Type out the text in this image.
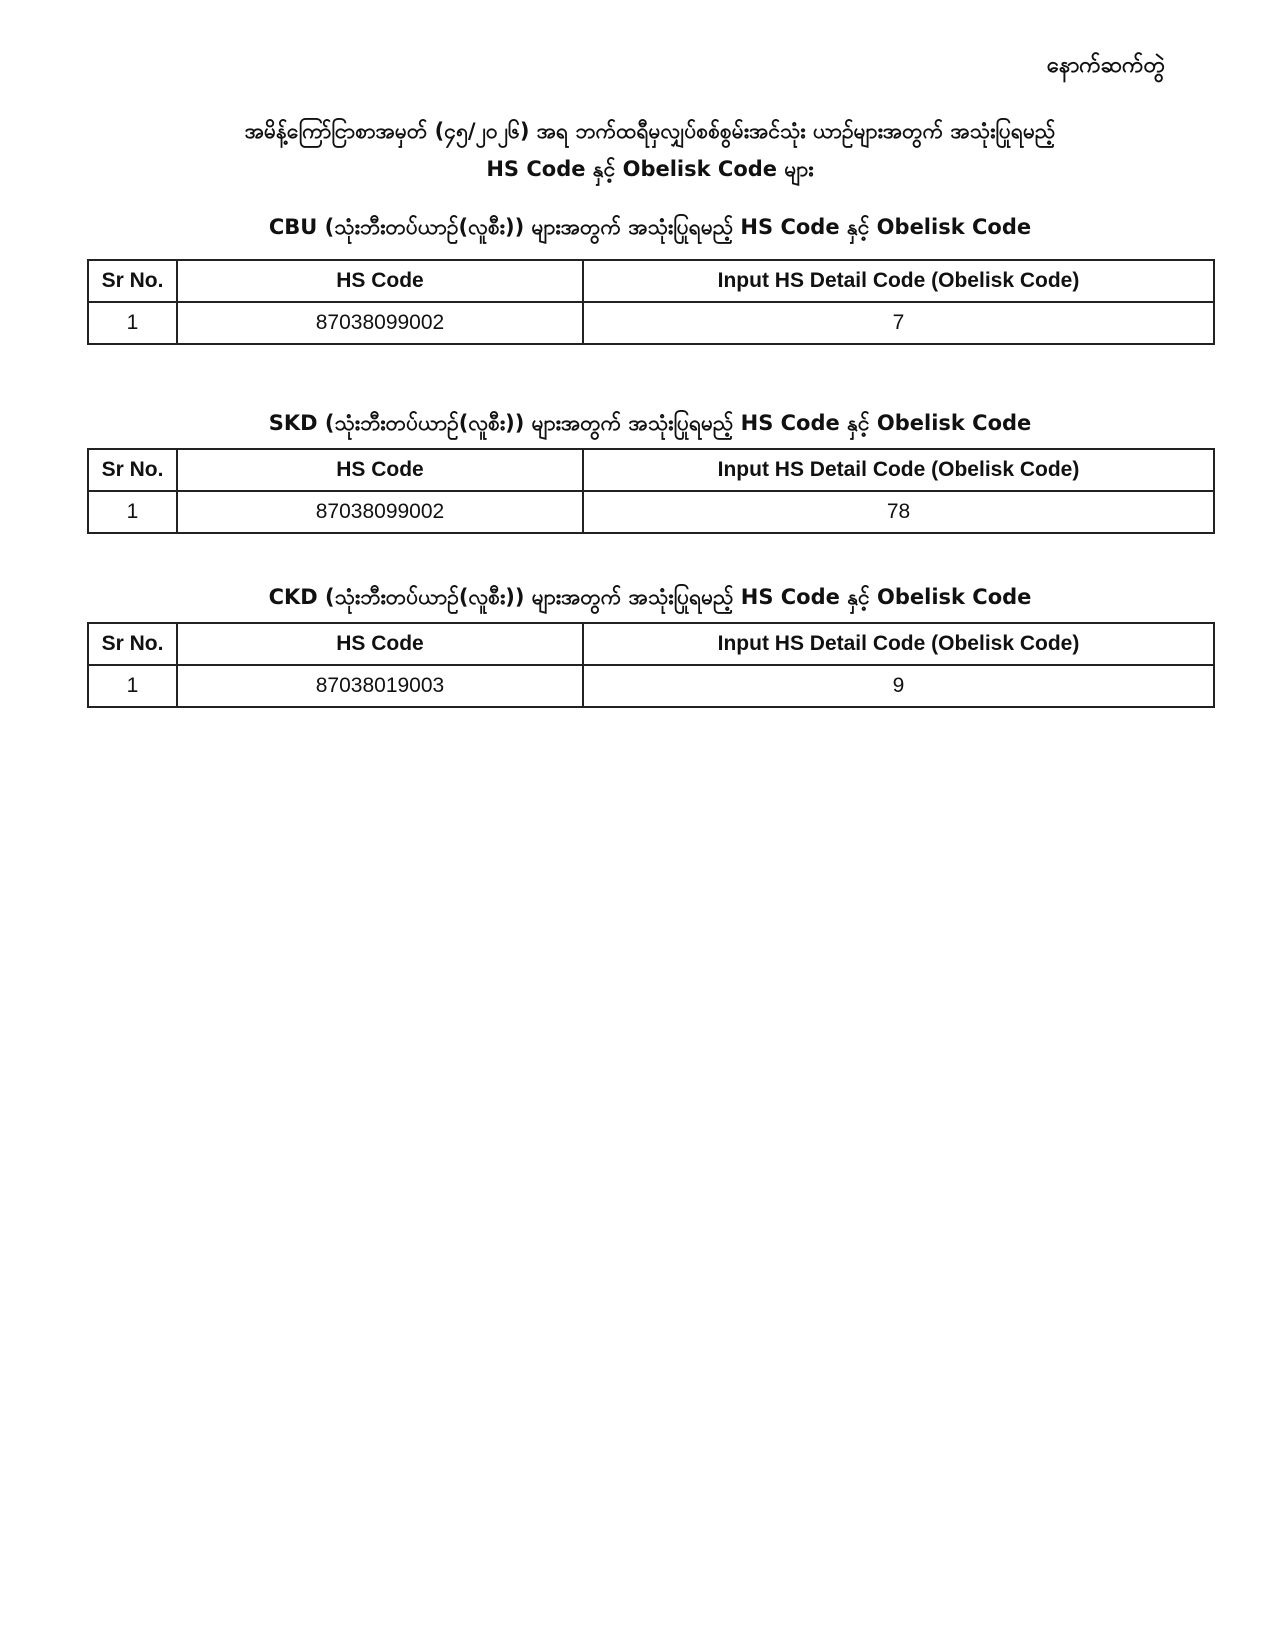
နောက်ဆက်တွဲ
အမိန့်ကြော်ငြာစာအမှတ် (၄၅/၂၀၂၆) အရ ဘက်ထရီမှလျှပ်စစ်စွမ်းအင်သုံး ယာဉ်များအတွက် အသုံးပြုရမည့်
HS Code နှင့် Obelisk Code များ
CBU (သုံးဘီးတပ်ယာဉ်(လူစီး)) များအတွက် အသုံးပြုရမည့် HS Code နှင့် Obelisk Code
Sr No.	HS Code	Input HS Detail Code (Obelisk Code)
1	87038099002	7
SKD (သုံးဘီးတပ်ယာဉ်(လူစီး)) များအတွက် အသုံးပြုရမည့် HS Code နှင့် Obelisk Code
Sr No.	HS Code	Input HS Detail Code (Obelisk Code)
1	87038099002	78
CKD (သုံးဘီးတပ်ယာဉ်(လူစီး)) များအတွက် အသုံးပြုရမည့် HS Code နှင့် Obelisk Code
Sr No.	HS Code	Input HS Detail Code (Obelisk Code)
1	87038019003	9
